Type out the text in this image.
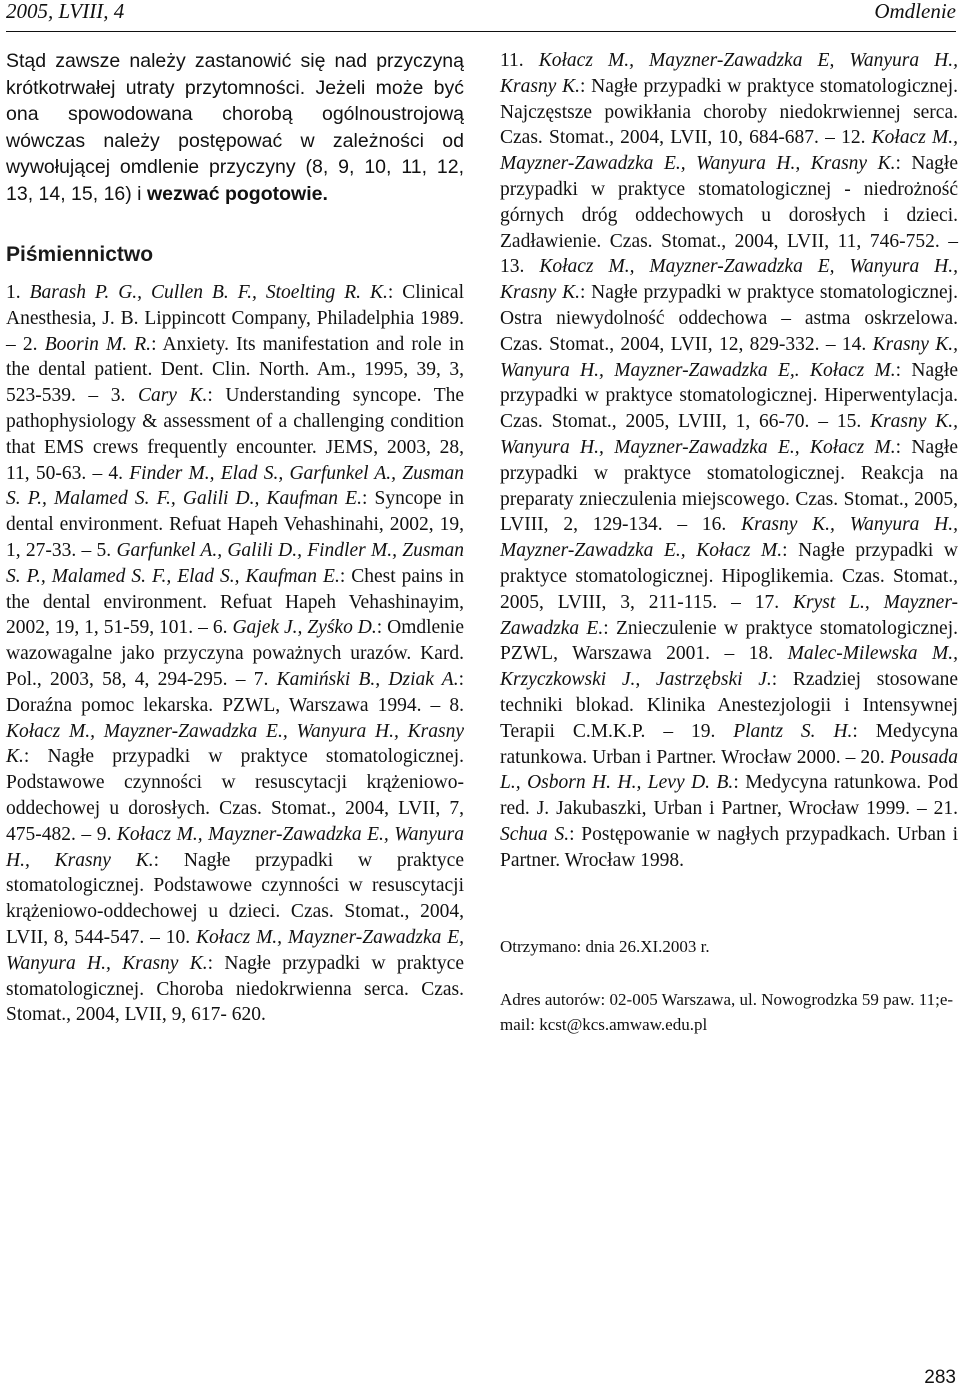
2005, LVIII, 4	Omdlenie

Stąd zawsze należy zastanowić się nad przyczyną krótkotrwałej utraty przytomności. Jeżeli może być ona spowodowana chorobą ogólnoustrojową wówczas należy postępować w zależności od wywołującej omdlenie przyczyny (8, 9, 10, 11, 12, 13, 14, 15, 16) i wezwać pogotowie.

Piśmiennictwo

1. Barash P. G., Cullen B. F., Stoelting R. K.: Clinical Anesthesia, J. B. Lippincott Company, Philadelphia 1989. – 2. Boorin M. R.: Anxiety. Its manifestation and role in the dental patient. Dent. Clin. North. Am., 1995, 39, 3, 523-539. – 3. Cary K.: Understanding syncope. The pathophysiology & assessment of a challenging condition that EMS crews frequently encounter. JEMS, 2003, 28, 11, 50-63. – 4. Finder M., Elad S., Garfunkel A., Zusman S. P., Malamed S. F., Galili D., Kaufman E.: Syncope in dental environment. Refuat Hapeh Vehashinahi, 2002, 19, 1, 27-33. – 5. Garfunkel A., Galili D., Findler M., Zusman S. P., Malamed S. F., Elad S., Kaufman E.: Chest pains in the dental environment. Refuat Hapeh Vehashinayim, 2002, 19, 1, 51-59, 101. – 6. Gajek J., Zyśko D.: Omdlenie wazowagalne jako przyczyna poważnych urazów. Kard. Pol., 2003, 58, 4, 294-295. – 7. Kamiński B., Dziak A.: Doraźna pomoc lekarska. PZWL, Warszawa 1994. – 8. Kołacz M., Mayzner-Zawadzka E., Wanyura H., Krasny K.: Nagłe przypadki w praktyce stomatologicznej. Podstawowe czynności w resuscytacji krążeniowo-oddechowej u dorosłych. Czas. Stomat., 2004, LVII, 7, 475-482. – 9. Kołacz M., Mayzner-Zawadzka E., Wanyura H., Krasny K.: Nagłe przypadki w praktyce stomatologicznej. Podstawowe czynności w resuscytacji krążeniowo-oddechowej u dzieci. Czas. Stomat., 2004, LVII, 8, 544-547. – 10. Kołacz M., Mayzner-Zawadzka E, Wanyura H., Krasny K.: Nagłe przypadki w praktyce stomatologicznej. Choroba niedokrwienna serca. Czas. Stomat., 2004, LVII, 9, 617- 620.

11. Kołacz M., Mayzner-Zawadzka E, Wanyura H., Krasny K.: Nagłe przypadki w praktyce stomatologicznej. Najczęstsze powikłania choroby niedokrwiennej serca. Czas. Stomat., 2004, LVII, 10, 684-687. – 12. Kołacz M., Mayzner-Zawadzka E., Wanyura H., Krasny K.: Nagłe przypadki w praktyce stomatologicznej - niedrożność górnych dróg oddechowych u dorosłych i dzieci. Zadławienie. Czas. Stomat., 2004, LVII, 11, 746-752. – 13. Kołacz M., Mayzner-Zawadzka E, Wanyura H., Krasny K.: Nagłe przypadki w praktyce stomatologicznej. Ostra niewydolność oddechowa – astma oskrzelowa. Czas. Stomat., 2004, LVII, 12, 829-332. – 14. Krasny K., Wanyura H., Mayzner-Zawadzka E,. Kołacz M.: Nagłe przypadki w praktyce stomatologicznej. Hiperwentylacja. Czas. Stomat., 2005, LVIII, 1, 66-70. – 15. Krasny K., Wanyura H., Mayzner-Zawadzka E., Kołacz M.: Nagłe przypadki w praktyce stomatologicznej. Reakcja na preparaty znieczulenia miejscowego. Czas. Stomat., 2005, LVIII, 2, 129-134. – 16. Krasny K., Wanyura H., Mayzner-Zawadzka E., Kołacz M.: Nagłe przypadki w praktyce stomatologicznej. Hipoglikemia. Czas. Stomat., 2005, LVIII, 3, 211-115. – 17. Kryst L., Mayzner-Zawadzka E.: Znieczulenie w praktyce stomatologicznej. PZWL, Warszawa 2001. – 18. Malec-Milewska M., Krzyczkowski J., Jastrzębski J.: Rzadziej stosowane techniki blokad. Klinika Anestezjologii i Intensywnej Terapii C.M.K.P. – 19. Plantz S. H.: Medycyna ratunkowa. Urban i Partner. Wrocław 2000. – 20. Pousada L., Osborn H. H., Levy D. B.: Medycyna ratunkowa. Pod red. J. Jakubaszki, Urban i Partner, Wrocław 1999. – 21. Schua S.: Postępowanie w nagłych przypadkach. Urban i Partner. Wrocław 1998.

Otrzymano: dnia 26.XI.2003 r.

Adres autorów: 02-005 Warszawa, ul. Nowogrodzka 59 paw. 11;e-mail: kcst@kcs.amwaw.edu.pl

283
